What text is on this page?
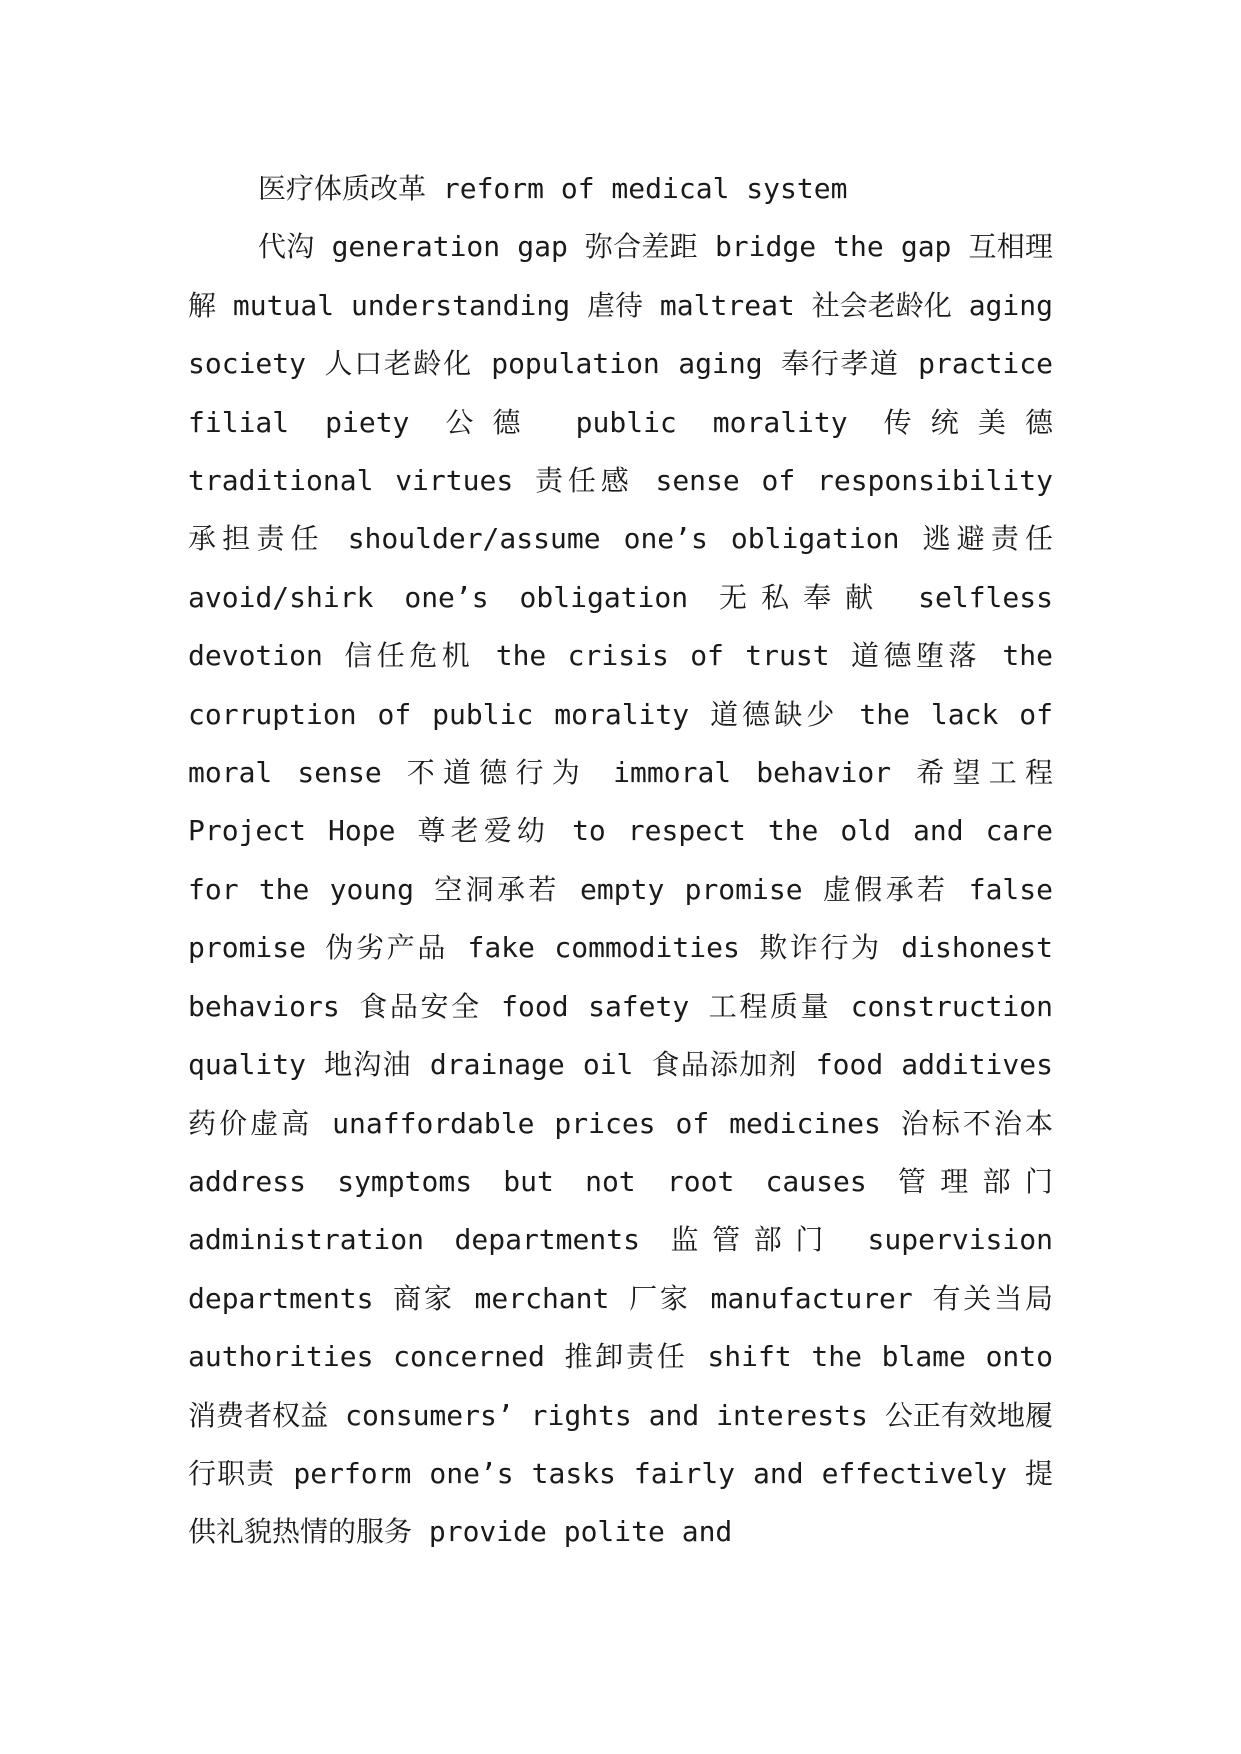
医疗体质改革 reform of medical system

代沟 generation gap 弥合差距 bridge the gap 互相理解 mutual understanding 虐待 maltreat 社会老龄化 aging society 人口老龄化 population aging 奉行孝道 practice filial piety 公德 public morality 传统美德 traditional virtues 责任感 sense of responsibility 承担责任 shoulder/assume one’s obligation 逃避责任 avoid/shirk one’s obligation 无私奉献 selfless devotion 信任危机 the crisis of trust 道德堕落 the corruption of public morality 道德缺少 the lack of moral sense 不道德行为 immoral behavior 希望工程 Project Hope 尊老爱幼 to respect the old and care for the young 空洞承若 empty promise 虚假承若 false promise 伪劣产品 fake commodities 欺诈行为 dishonest behaviors 食品安全 food safety 工程质量 construction quality 地沟油 drainage oil 食品添加剂 food additives 药价虚高 unaffordable prices of medicines 治标不治本 address symptoms but not root causes 管理部门 administration departments 监管部门 supervision departments 商家 merchant 厂家 manufacturer 有关当局 authorities concerned 推卸责任 shift the blame onto 消费者权益 consumers’ rights and interests 公正有效地履行职责 perform one’s tasks fairly and effectively 提供礼貌热情的服务 provide polite and
